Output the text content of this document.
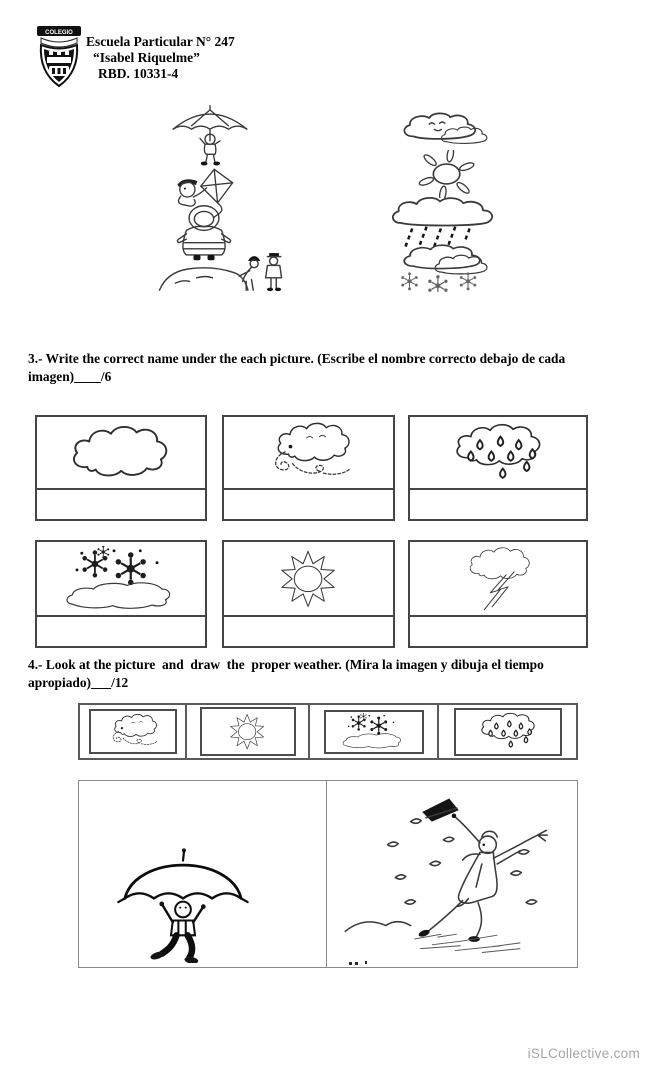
COLEGIO
Escuela Particular N° 247
“Isabel Riquelme”
RBD. 10331-4

3.- Write the correct name under the each picture. (Escribe el nombre correcto debajo de cada imagen)____/6

4.- Look at the picture  and  draw  the  proper weather. (Mira la imagen y dibuja el tiempo apropiado)___/12

iSLCollective.com
